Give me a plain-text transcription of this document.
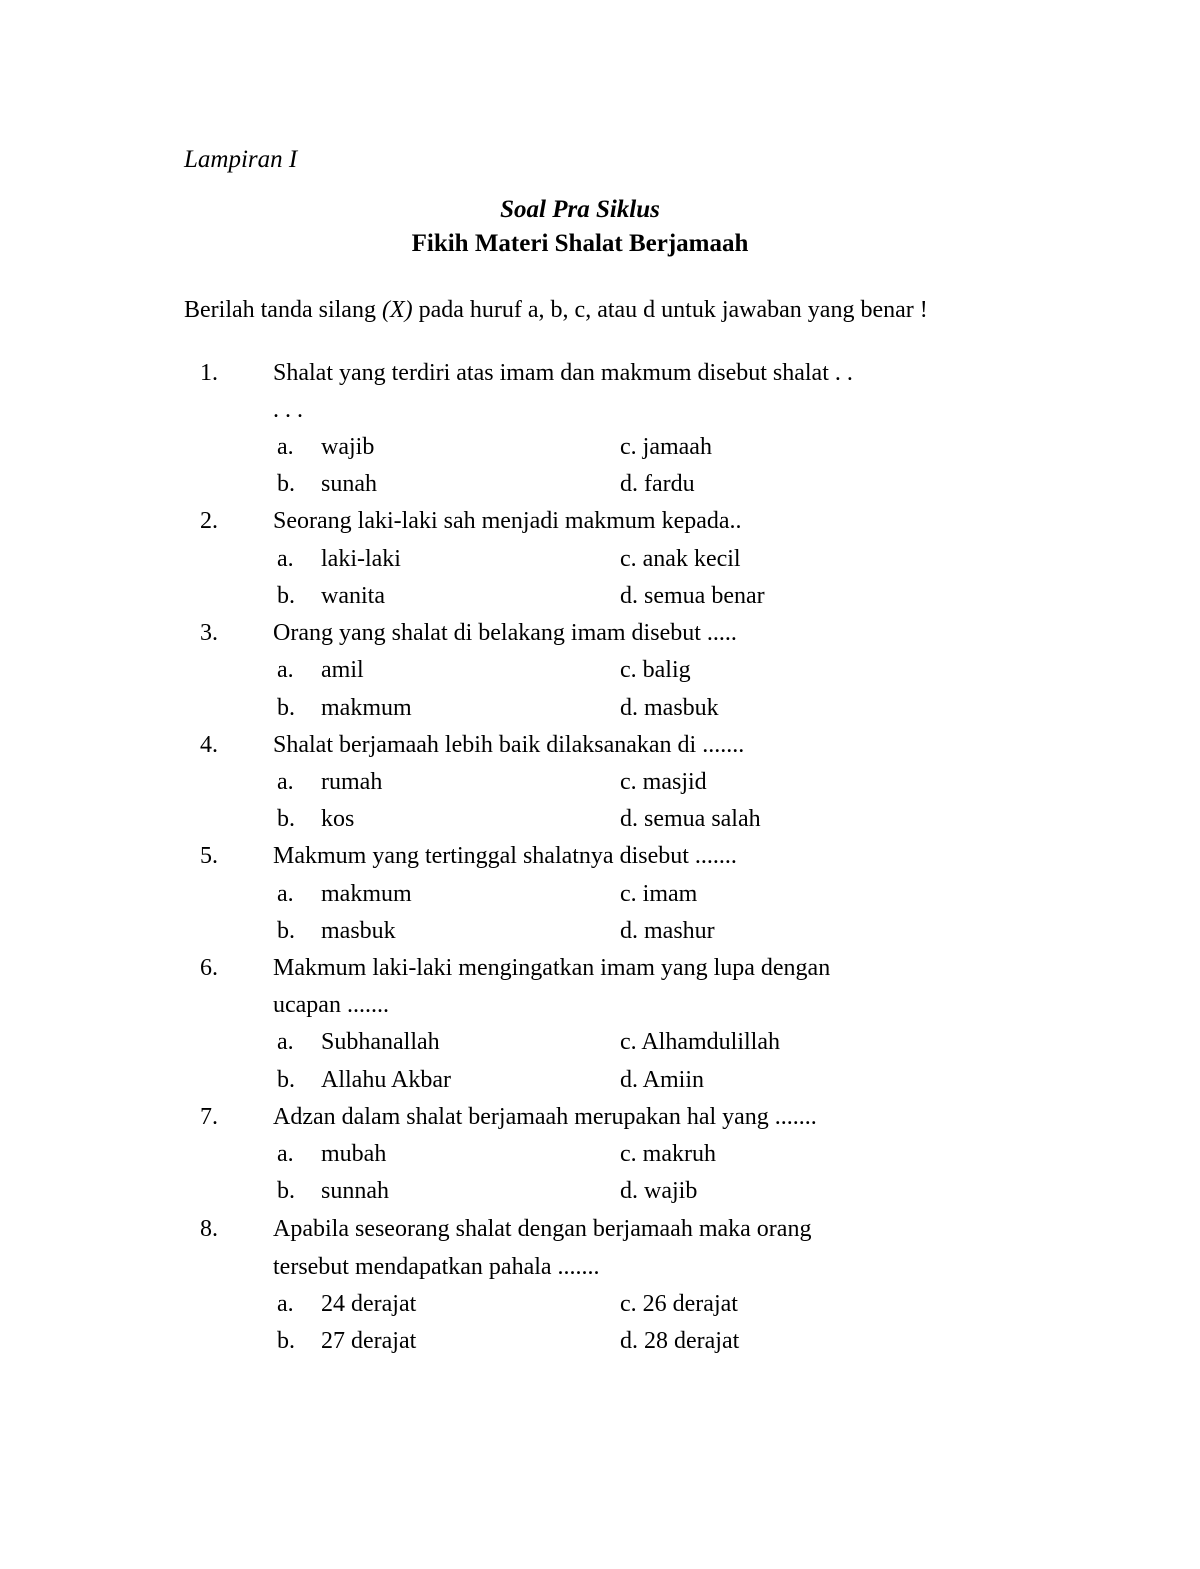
Lampiran I
Soal Pra Siklus
Fikih Materi Shalat Berjamaah
Berilah tanda silang (X) pada huruf a, b, c, atau d untuk jawaban yang benar !
1. Shalat yang terdiri atas imam dan makmum disebut shalat . .
. . .
a. wajib	c. jamaah
b. sunah	d. fardu
2. Seorang laki-laki sah menjadi makmum kepada..
a. laki-laki	c. anak kecil
b. wanita	d. semua benar
3. Orang yang shalat di belakang imam disebut .....
a. amil	c. balig
b. makmum	d. masbuk
4. Shalat berjamaah lebih baik dilaksanakan di .......
a. rumah	c. masjid
b. kos	d. semua salah
5. Makmum yang tertinggal shalatnya disebut .......
a. makmum	c. imam
b. masbuk	d. mashur
6. Makmum laki-laki mengingatkan imam yang lupa dengan
ucapan .......
a. Subhanallah	c. Alhamdulillah
b. Allahu Akbar	d. Amiin
7. Adzan dalam shalat berjamaah merupakan hal yang .......
a. mubah	c. makruh
b. sunnah	d. wajib
8. Apabila seseorang shalat dengan berjamaah maka orang
tersebut mendapatkan pahala .......
a. 24 derajat	c. 26 derajat
b. 27 derajat	d. 28 derajat
